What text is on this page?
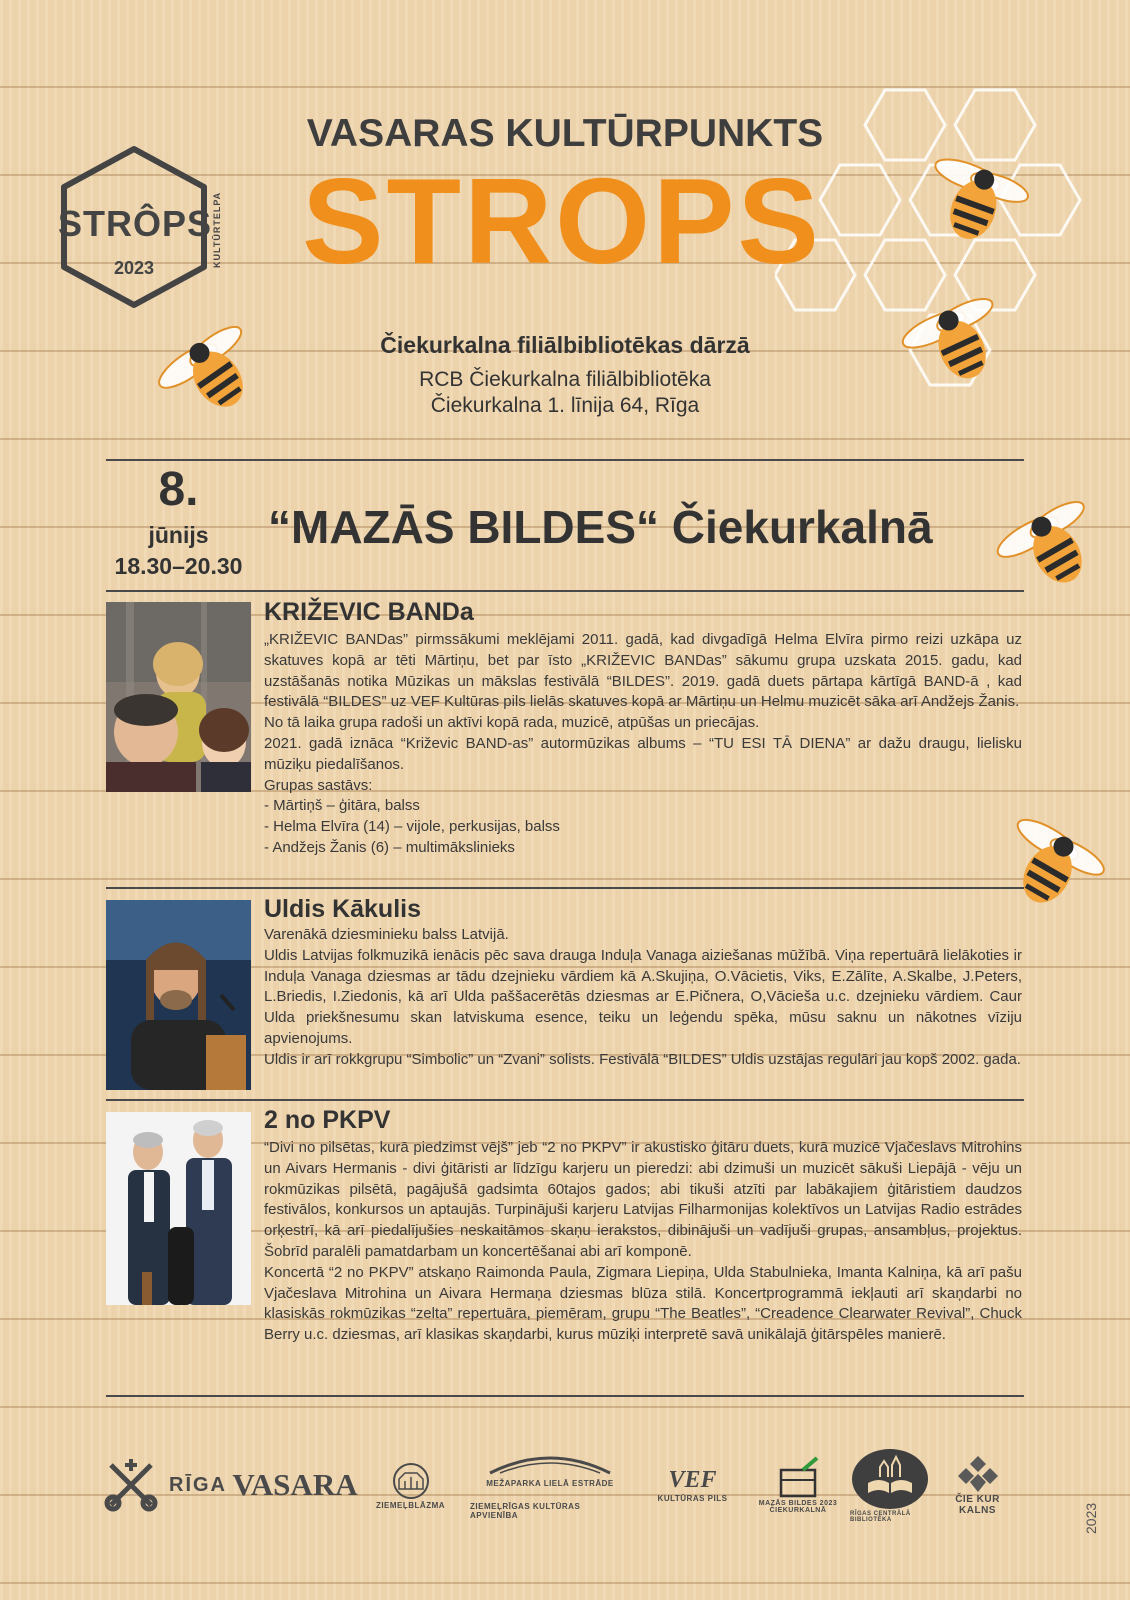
STRÔPS
2023	KULTŪRTELPA
VASARAS KULTŪRPUNKTS
STROPS
Čiekurkalna filiālbibliotēkas dārzā
RCB Čiekurkalna filiālbibliotēka
Čiekurkalna 1. līnija 64, Rīga
8.
jūnijs
18.30–20.30
“MAZĀS BILDES“ Čiekurkalnā
KRIŽEVIC BANDa

„KRIŽEVIC BANDas” pirmssākumi meklējami 2011. gadā, kad divgadīgā Helma Elvīra pirmo reizi uzkāpa uz skatuves kopā ar tēti Mārtiņu, bet par īsto „KRIŽEVIC BANDas” sākumu grupa uzskata 2015. gadu, kad uzstāšanās notika Mūzikas un mākslas festivālā “BILDES”. 2019. gadā duets pārtapa kārtīgā BAND-ā , kad festivālā “BILDES” uz VEF Kultūras pils lielās skatuves kopā ar Mārtiņu un Helmu muzicēt sāka arī Andžejs Žanis.

No tā laika grupa radoši un aktīvi kopā rada, muzicē, atpūšas un priecājas.

2021. gadā iznāca “Križevic BAND-as” autormūzikas albums – “TU ESI TĀ DIENA” ar dažu draugu, lielisku mūziķu piedalīšanos.

Grupas sastāvs:

- Mārtiņš – ģitāra, balss

- Helma Elvīra (14) – vijole, perkusijas, balss

- Andžejs Žanis (6) – multimākslinieks

Uldis Kākulis

Varenākā dziesminieku balss Latvijā.

Uldis Latvijas folkmuzikā ienācis pēc sava drauga Induļa Vanaga aiziešanas mūžībā. Viņa repertuārā lielākoties ir Induļa Vanaga dziesmas ar tādu dzejnieku vārdiem kā A.Skujiņa, O.Vācietis, Viks, E.Zālīte, A.Skalbe, J.Peters, L.Briedis, I.Ziedonis, kā arī Ulda paššacerētās dziesmas ar E.Pičnera, O,Vācieša u.c. dzejnieku vārdiem. Caur Ulda priekšnesumu skan latviskuma esence, teiku un leģendu spēka, mūsu saknu un nākotnes vīziju apvienojums.

Uldis ir arī rokkgrupu “Simbolic” un “Zvani” solists. Festivālā “BILDES” Uldis uzstājas regulāri jau kopš 2002. gada.

2 no PKPV

“Divi no pilsētas, kurā piedzimst vējš” jeb “2 no PKPV” ir akustisko ģitāru duets, kurā muzicē Vjačeslavs Mitrohins un Aivars Hermanis - divi ģitāristi ar līdzīgu karjeru un pieredzi: abi dzimuši un muzicēt sākuši Liepājā - vēju un rokmūzikas pilsētā, pagājušā gadsimta 60tajos gados; abi tikuši atzīti par labākajiem ģitāristiem daudzos festivālos, konkursos un aptaujās. Turpinājuši karjeru Latvijas Filharmonijas kolektīvos un Latvijas Radio estrādes orķestrī, kā arī piedalījušies neskaitāmos skaņu ierakstos, dibinājuši un vadījuši grupas, ansambļus, projektus. Šobrīd paralēli pamatdarbam un koncertēšanai abi arī komponē.

Koncertā “2 no PKPV” atskaņo Raimonda Paula, Zigmara Liepiņa, Ulda Stabulnieka, Imanta Kalniņa, kā arī pašu Vjačeslava Mitrohina un Aivara Hermaņa dziesmas blūza stilā. Koncertprogrammā iekļauti arī skaņdarbi no klasiskās rokmūzikas “zelta” repertuāra, piemēram, grupu “The Beatles”, “Creadence Clearwater Revival”, Chuck Berry u.c. dziesmas, arī klasikas skaņdarbi, kurus mūziķi interpretē savā unikālajā ģitārspēles manierē.

RĪGA VASARA
ZIEMEĻBLĀZMA
MEŽAPARKA LIELĀ ESTRĀDE
ZIEMEĻRĪGAS KULTŪRAS APVIENĪBA
VEF
KULTŪRAS PILS
MAZĀS BILDES 2023
ČIEKURKALNĀ	RĪGAS CENTRĀLĀ BIBLIOTĒKA
ČIE KUR KALNS	2023
